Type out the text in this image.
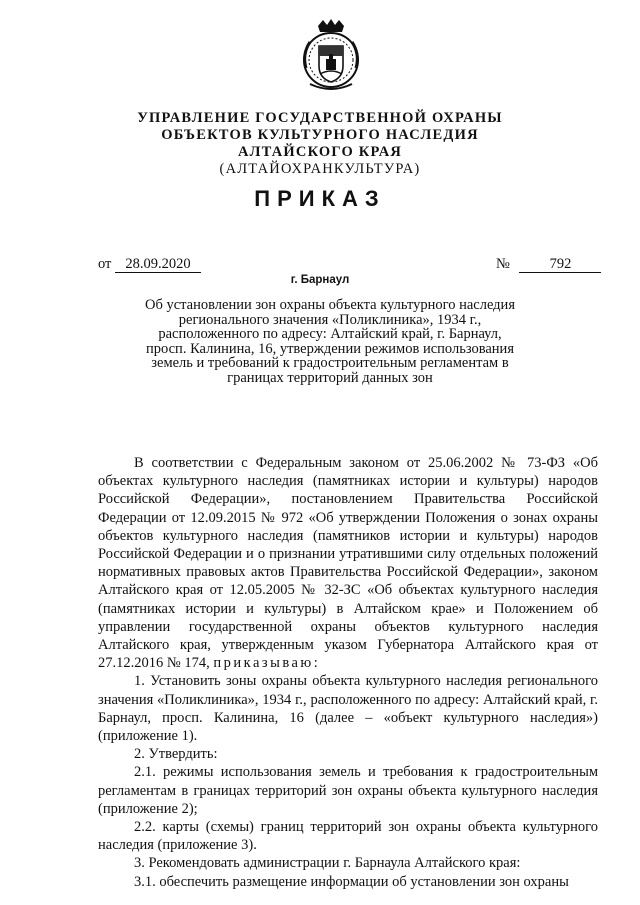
УПРАВЛЕНИЕ ГОСУДАРСТВЕННОЙ ОХРАНЫ
ОБЪЕКТОВ КУЛЬТУРНОГО НАСЛЕДИЯ
АЛТАЙСКОГО КРАЯ
(АЛТАЙОХРАНКУЛЬТУРА)
ПРИКАЗ
от 28.09.2020	№	792
г. Барнаул
Об установлении зон охраны объекта культурного наследия регионального значения «Поликлиника», 1934 г., расположенного по адресу: Алтайский край, г. Барнаул, просп. Калинина, 16, утверждении режимов использования земель и требований к градостроительным регламентам в границах территорий данных зон

В соответствии с Федеральным законом от 25.06.2002 № 73-ФЗ «Об объектах культурного наследия (памятниках истории и культуры) народов Российской Федерации», постановлением Правительства Российской Федерации от 12.09.2015 № 972 «Об утверждении Положения о зонах охраны объектов культурного наследия (памятников истории и культуры) народов Российской Федерации и о признании утратившими силу отдельных положений нормативных правовых актов Правительства Российской Федерации», законом Алтайского края от 12.05.2005 № 32-ЗС «Об объектах культурного наследия (памятниках истории и культуры) в Алтайском крае» и Положением об управлении государственной охраны объектов культурного наследия Алтайского края, утвержденным указом Губернатора Алтайского края от 27.12.2016 № 174, приказываю:

1. Установить зоны охраны объекта культурного наследия регионального значения «Поликлиника», 1934 г., расположенного по адресу: Алтайский край, г. Барнаул, просп. Калинина, 16 (далее – «объект культурного наследия») (приложение 1).

2. Утвердить:

2.1. режимы использования земель и требования к градостроительным регламентам в границах территорий зон охраны объекта культурного наследия (приложение 2);

2.2. карты (схемы) границ территорий зон охраны объекта культурного наследия (приложение 3).

3. Рекомендовать администрации г. Барнаула Алтайского края:

3.1. обеспечить размещение информации об установлении зон охраны
